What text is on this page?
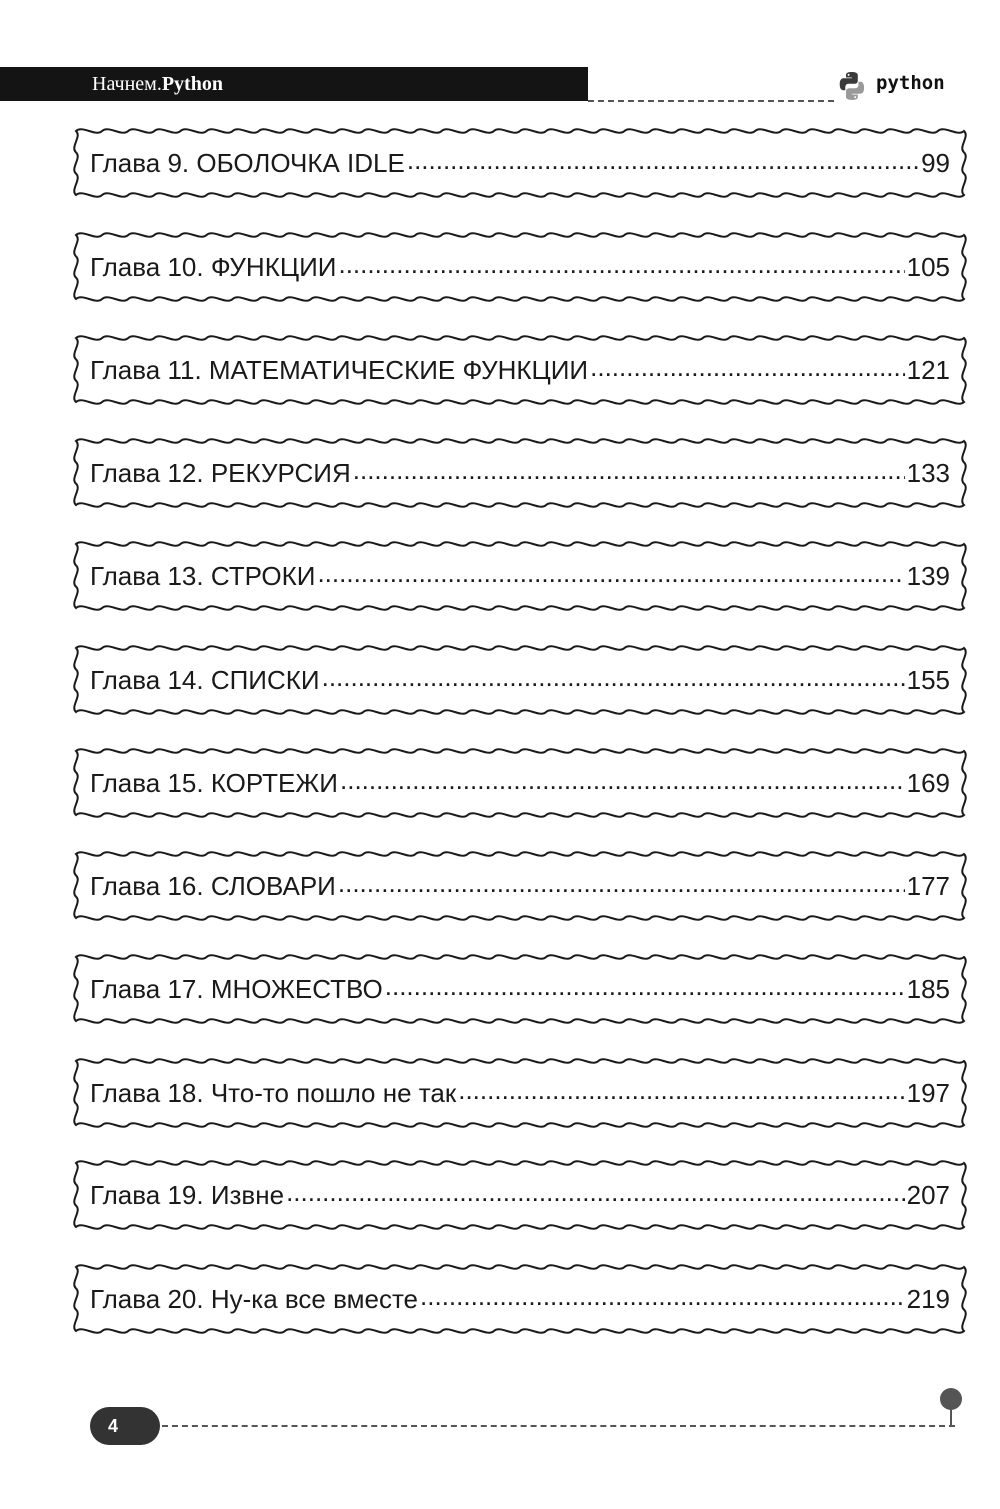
Начнем.Python	python
Глава 9. ОБОЛОЧКА IDLE .....	99
Глава 10. ФУНКЦИИ .....	105
Глава 11. МАТЕМАТИЧЕСКИЕ ФУНКЦИИ .....	121
Глава 12. РЕКУРСИЯ .....	133
Глава 13. СТРОКИ .....	139
Глава 14. СПИСКИ .....	155
Глава 15. КОРТЕЖИ .....	169
Глава 16. СЛОВАРИ .....	177
Глава 17. МНОЖЕСТВО .....	185
Глава 18. Что-то пошло не так .....	197
Глава 19. Извне .....	207
Глава 20. Ну-ка все вместе .....	219
4
